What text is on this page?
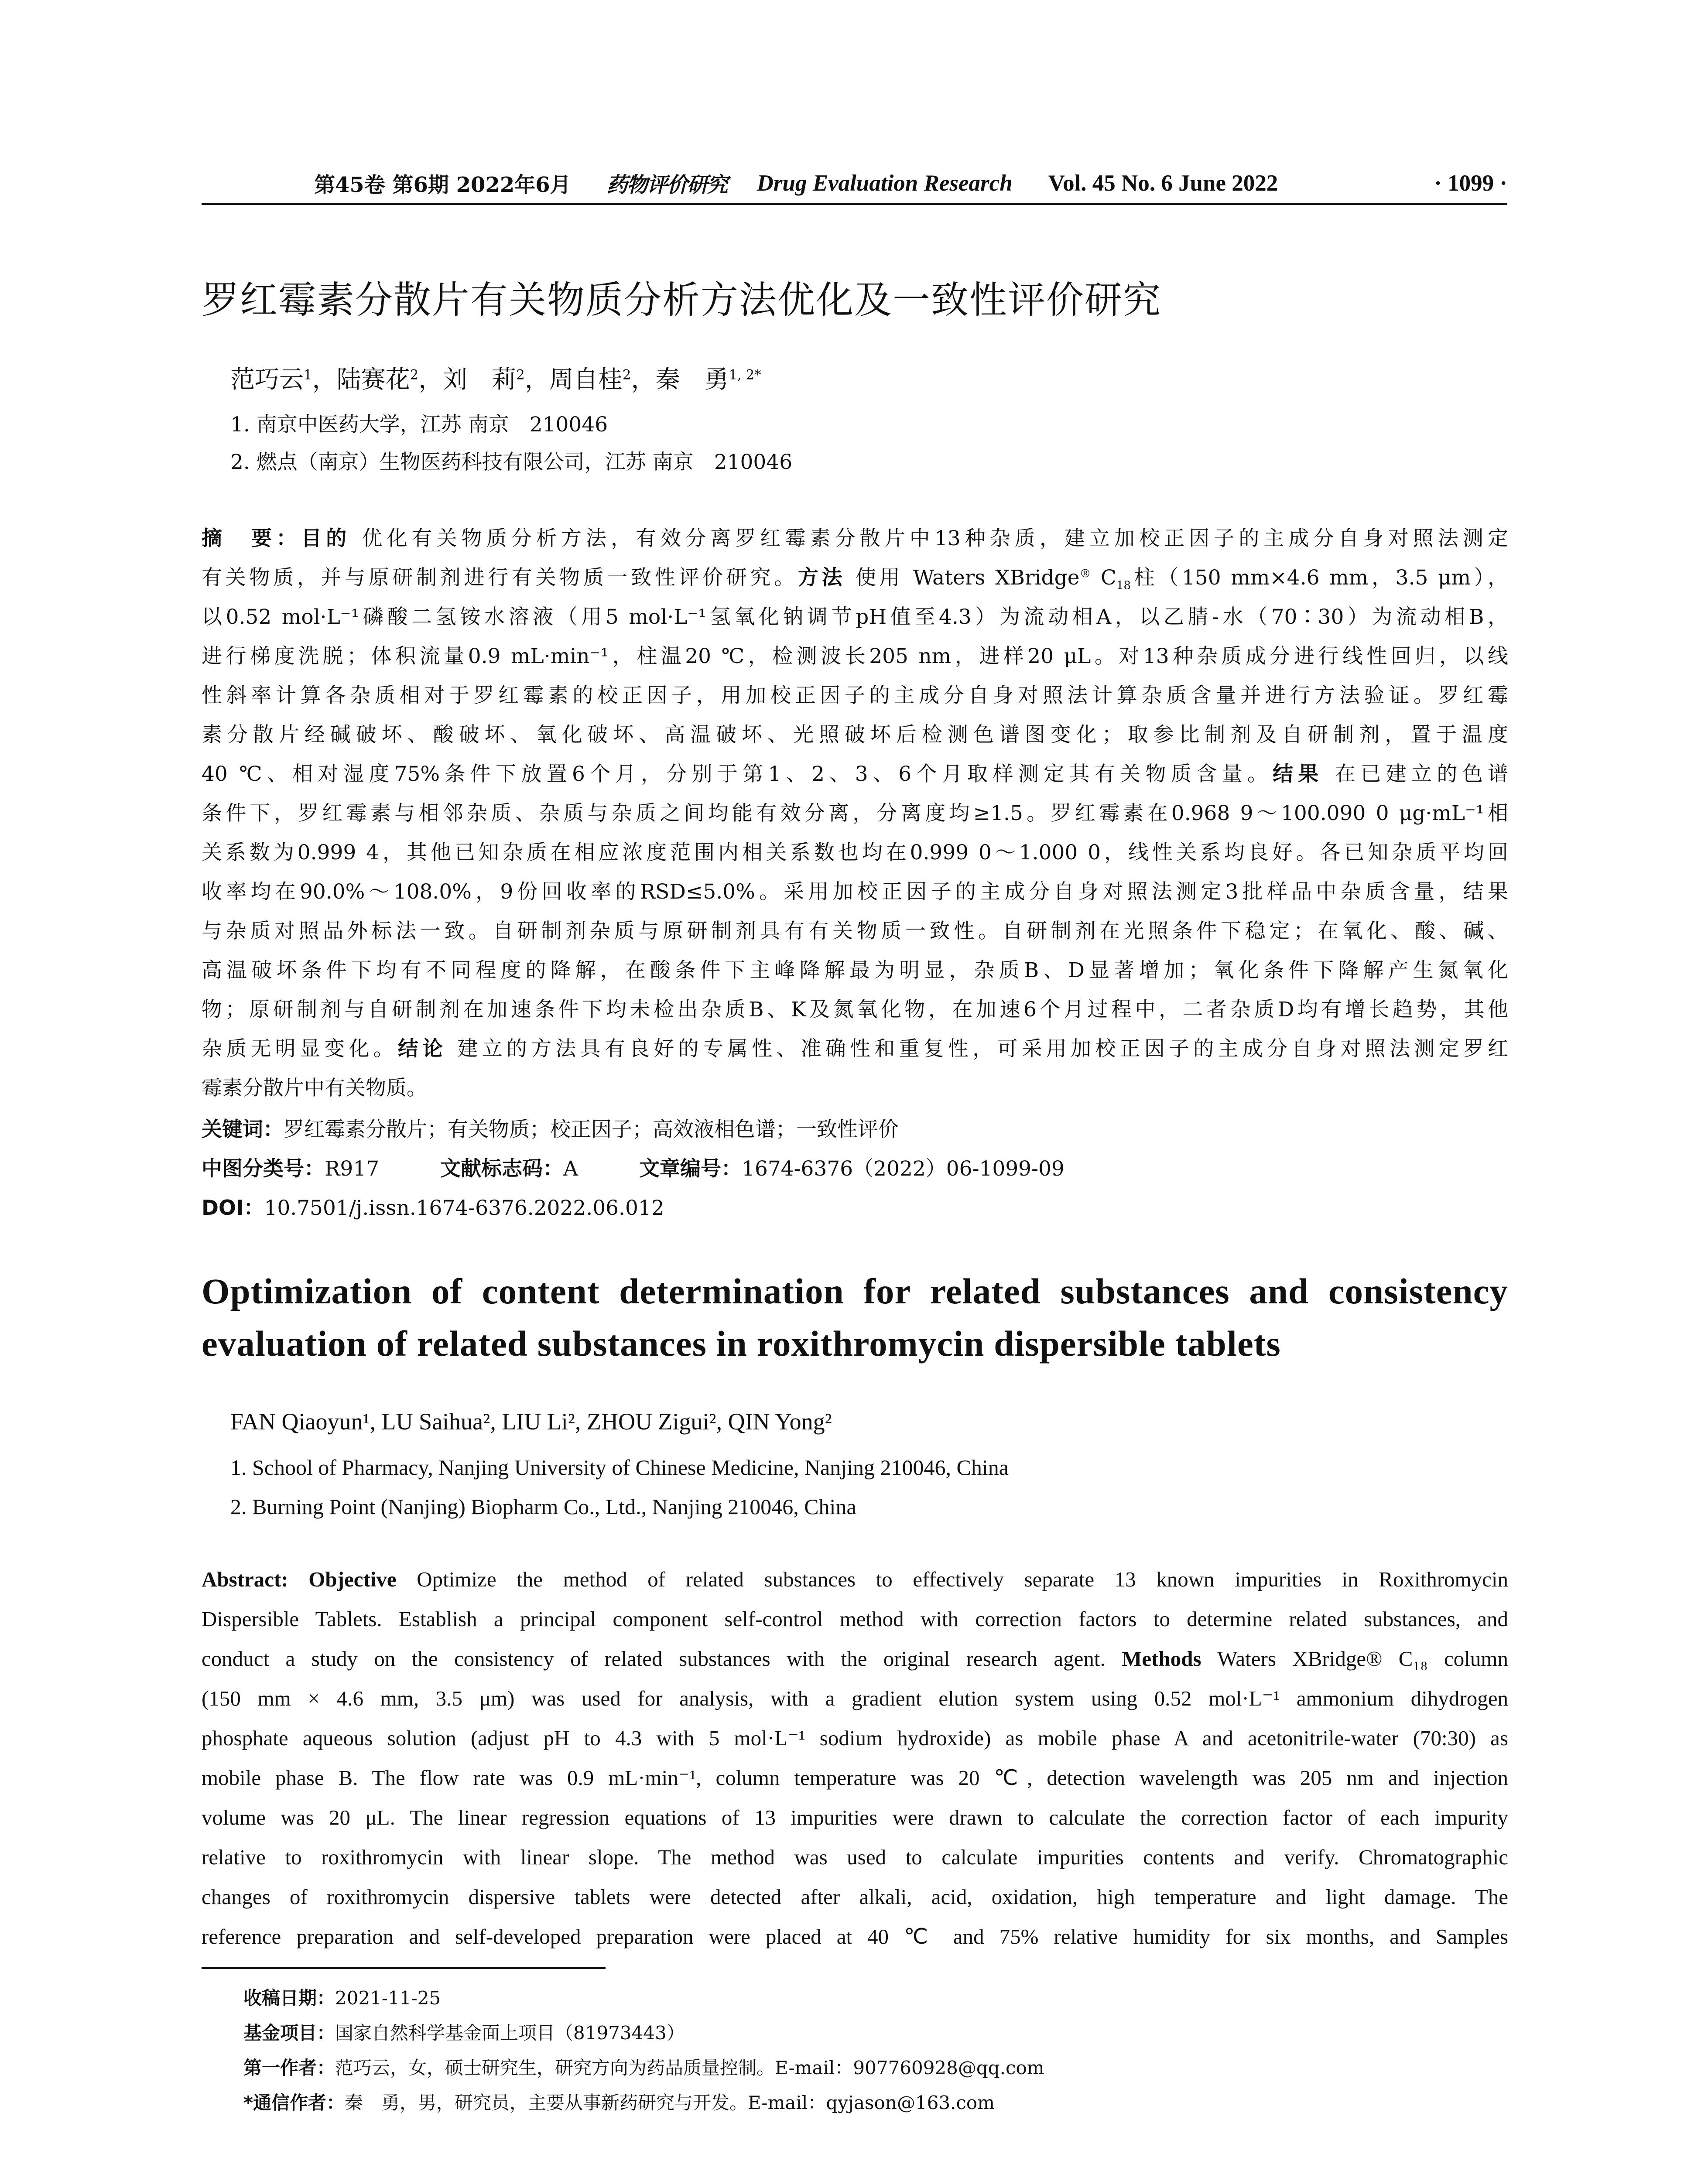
第45卷 第6期 2022年6月 药物评价研究 Drug Evaluation Research Vol. 45 No. 6 June 2022	· 1099 ·
罗红霉素分散片有关物质分析方法优化及一致性评价研究
范巧云$^1$，陆赛花$^2$，刘　莉$^2$，周自桂$^2$，秦　勇$^{1, 2*}$
1. 南京中医药大学，江苏 南京　210046
2. 燃点（南京）生物医药科技有限公司，江苏 南京　210046
摘　要：目的 优化有关物质分析方法，有效分离罗红霉素分散片中13种杂质，建立加校正因子的主成分自身对照法测定
有关物质，并与原研制剂进行有关物质一致性评价研究。方法 使用 Waters XBridge® $C_{18}$柱（150 mm×4.6 mm，3.5 μm），
以0.52 mol·L⁻¹磷酸二氢铵水溶液（用5 mol·L⁻¹氢氧化钠调节pH值至4.3）为流动相A，以乙腈-水（70∶30）为流动相B，
进行梯度洗脱；体积流量0.9 mL·min⁻¹，柱温20 ℃，检测波长205 nm，进样20 μL。对13种杂质成分进行线性回归，以线
性斜率计算各杂质相对于罗红霉素的校正因子，用加校正因子的主成分自身对照法计算杂质含量并进行方法验证。罗红霉
素分散片经碱破坏、酸破坏、氧化破坏、高温破坏、光照破坏后检测色谱图变化；取参比制剂及自研制剂，置于温度
40 ℃、相对湿度75%条件下放置6个月，分别于第1、2、3、6个月取样测定其有关物质含量。结果 在已建立的色谱
条件下，罗红霉素与相邻杂质、杂质与杂质之间均能有效分离，分离度均≥1.5。罗红霉素在0.968 9～100.090 0 μg·mL⁻¹相
关系数为0.999 4，其他已知杂质在相应浓度范围内相关系数也均在0.999 0～1.000 0，线性关系均良好。各已知杂质平均回
收率均在90.0%～108.0%，9份回收率的RSD≤5.0%。采用加校正因子的主成分自身对照法测定3批样品中杂质含量，结果
与杂质对照品外标法一致。自研制剂杂质与原研制剂具有有关物质一致性。自研制剂在光照条件下稳定；在氧化、酸、碱、
高温破坏条件下均有不同程度的降解，在酸条件下主峰降解最为明显，杂质B、D显著增加；氧化条件下降解产生氮氧化
物；原研制剂与自研制剂在加速条件下均未检出杂质B、K及氮氧化物，在加速6个月过程中，二者杂质D均有增长趋势，其他
杂质无明显变化。结论 建立的方法具有良好的专属性、准确性和重复性，可采用加校正因子的主成分自身对照法测定罗红
霉素分散片中有关物质。
关键词：罗红霉素分散片；有关物质；校正因子；高效液相色谱；一致性评价
中图分类号：R917	文献标志码：A	文章编号：1674-6376（2022）06-1099-09
DOI：10.7501/j.issn.1674-6376.2022.06.012
Optimization of content determination for related substances and consistency
evaluation of related substances in roxithromycin dispersible tablets
FAN Qiaoyun¹, LU Saihua², LIU Li², ZHOU Zigui², QIN Yong²
1. School of Pharmacy, Nanjing University of Chinese Medicine, Nanjing 210046, China
2. Burning Point (Nanjing) Biopharm Co., Ltd., Nanjing 210046, China
Abstract: Objective Optimize the method of related substances to effectively separate 13 known impurities in Roxithromycin
Dispersible Tablets. Establish a principal component self-control method with correction factors to determine related substances, and
conduct a study on the consistency of related substances with the original research agent. Methods Waters XBridge® C₁₈ column
(150 mm × 4.6 mm, 3.5 μm) was used for analysis, with a gradient elution system using 0.52 mol·L⁻¹ ammonium dihydrogen
phosphate aqueous solution (adjust pH to 4.3 with 5 mol·L⁻¹ sodium hydroxide) as mobile phase A and acetonitrile-water (70:30) as
mobile phase B. The flow rate was 0.9 mL·min⁻¹, column temperature was 20 ℃, detection wavelength was 205 nm and injection
volume was 20 μL. The linear regression equations of 13 impurities were drawn to calculate the correction factor of each impurity
relative to roxithromycin with linear slope. The method was used to calculate impurities contents and verify. Chromatographic
changes of roxithromycin dispersive tablets were detected after alkali, acid, oxidation, high temperature and light damage. The
reference preparation and self-developed preparation were placed at 40 ℃ and 75% relative humidity for six months, and Samples
收稿日期：2021-11-25
基金项目：国家自然科学基金面上项目（81973443）
第一作者：范巧云，女，硕士研究生，研究方向为药品质量控制。E-mail：907760928@qq.com
*通信作者：秦　勇，男，研究员，主要从事新药研究与开发。E-mail：qyjason@163.com
